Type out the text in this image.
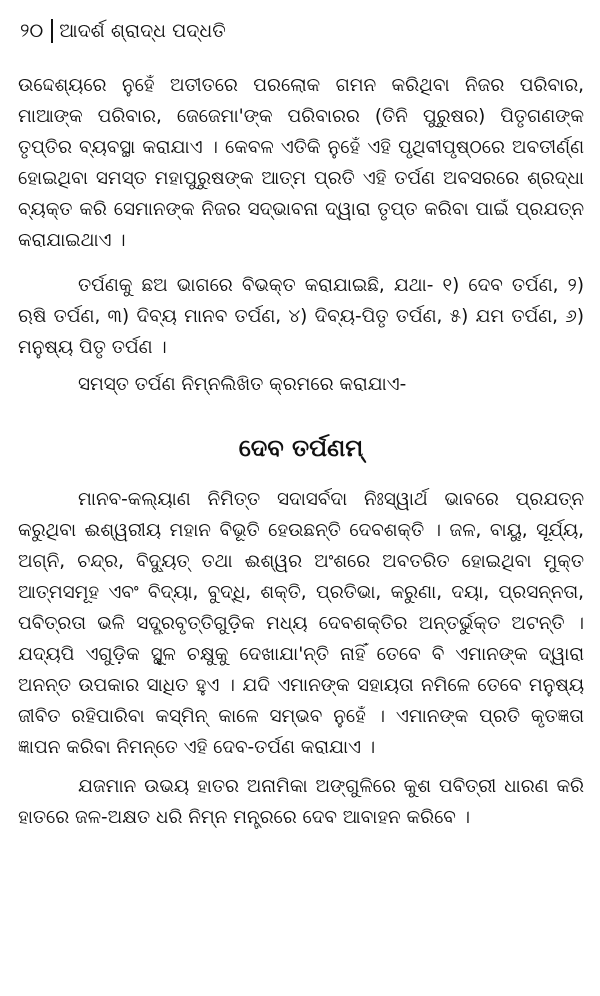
୨୦ ଆଦର୍ଶ ଶ୍ରାଦ୍ଧ ପଦ୍ଧତି

ଉଦ୍ଦେଶ୍ୟରେ ନୁହେଁ ଅତୀତରେ ପରଲୋକ ଗମନ କରିଥିବା ନିଜର ପରିବାର, ମାଆଙ୍କ ପରିବାର, ଜେଜେମା'ଙ୍କ ପରିବାରର (ତିନି ପୁରୁଷର) ପିତୃଗଣଙ୍କ ତୃପ୍ତିର ବ୍ୟବସ୍ଥା କରାଯାଏ । କେବଳ ଏତିକି ନୁହେଁ ଏହି ପୃଥିବୀପୃଷ୍ଠରେ ଅବତୀର୍ଣ୍ଣ ହୋଇଥିବା ସମସ୍ତ ମହାପୁରୁଷଙ୍କ ଆତ୍ମ ପ୍ରତି ଏହି ତର୍ପଣ ଅବସରରେ ଶ୍ରଦ୍ଧା ବ୍ୟକ୍ତ କରି ସେମାନଙ୍କ ନିଜର ସଦ୍ଭାବନା ଦ୍ୱାରା ତୃପ୍ତ କରିବା ପାଇଁ ପ୍ରଯତ୍ନ କରାଯାଇଥାଏ ।

ତର୍ପଣକୁ ଛଅ ଭାଗରେ ବିଭକ୍ତ କରାଯାଇଛି, ଯଥା- ୧) ଦେବ ତର୍ପଣ, ୨) ଋଷି ତର୍ପଣ, ୩) ଦିବ୍ୟ ମାନବ ତର୍ପଣ, ୪) ଦିବ୍ୟ-ପିତୃ ତର୍ପଣ, ୫) ଯମ ତର୍ପଣ, ୬) ମନୁଷ୍ୟ ପିତୃ ତର୍ପଣ ।

ସମସ୍ତ ତର୍ପଣ ନିମ୍ନଲିଖିତ କ୍ରମରେ କରାଯାଏ-

ଦେବ ତର୍ପଣମ୍

ମାନବ-କଲ୍ୟାଣ ନିମିତ୍ତ ସଦାସର୍ବଦା ନିଃସ୍ୱାର୍ଥ ଭାବରେ ପ୍ରଯତ୍ନ କରୁଥିବା ଈଶ୍ୱରୀୟ ମହାନ ବିଭୂତି ହେଉଛନ୍ତି ଦେବଶକ୍ତି । ଜଳ, ବାୟୁ, ସୂର୍ଯ୍ୟ, ଅଗ୍ନି, ଚନ୍ଦ୍ର, ବିଦ୍ୟୁତ୍ ତଥା ଈଶ୍ୱର ଅଂଶରେ ଅବତରିତ ହୋଇଥିବା ମୁକ୍ତ ଆତ୍ମସମୂହ ଏବଂ ବିଦ୍ୟା, ବୁଦ୍ଧି, ଶକ୍ତି, ପ୍ରତିଭା, କରୁଣା, ଦୟା, ପ୍ରସନ୍ନତା, ପବିତ୍ରତା ଭଳି ସଦ୍ପ୍ରବୃତ୍ତିଗୁଡ଼ିକ ମଧ୍ୟ ଦେବଶକ୍ତିର ଅନ୍ତର୍ଭୁକ୍ତ ଅଟନ୍ତି । ଯଦ୍ୟପି ଏଗୁଡ଼ିକ ସ୍ଥୂଳ ଚକ୍ଷୁକୁ ଦେଖାଯା'ନ୍ତି ନାହିଁ ତେବେ ବି ଏମାନଙ୍କ ଦ୍ୱାରା ଅନନ୍ତ ଉପକାର ସାଧିତ ହୁଏ । ଯଦି ଏମାନଙ୍କ ସହାୟତା ନମିଳେ ତେବେ ମନୁଷ୍ୟ ଜୀବିତ ରହିପାରିବା କସ୍ମିନ୍ କାଳେ ସମ୍ଭବ ନୁହେଁ । ଏମାନଙ୍କ ପ୍ରତି କୃତଜ୍ଞତା ଜ୍ଞାପନ କରିବା ନିମନ୍ତେ ଏହି ଦେବ-ତର୍ପଣ କରାଯାଏ ।

ଯଜମାନ ଉଭୟ ହାତର ଅନାମିକା ଅଙ୍ଗୁଳିରେ କୁଶ ପବିତ୍ରୀ ଧାରଣ କରି ହାତରେ ଜଳ-ଅକ୍ଷତ ଧରି ନିମ୍ନ ମନ୍ତ୍ରରେ ଦେବ ଆବାହନ କରିବେ ।
